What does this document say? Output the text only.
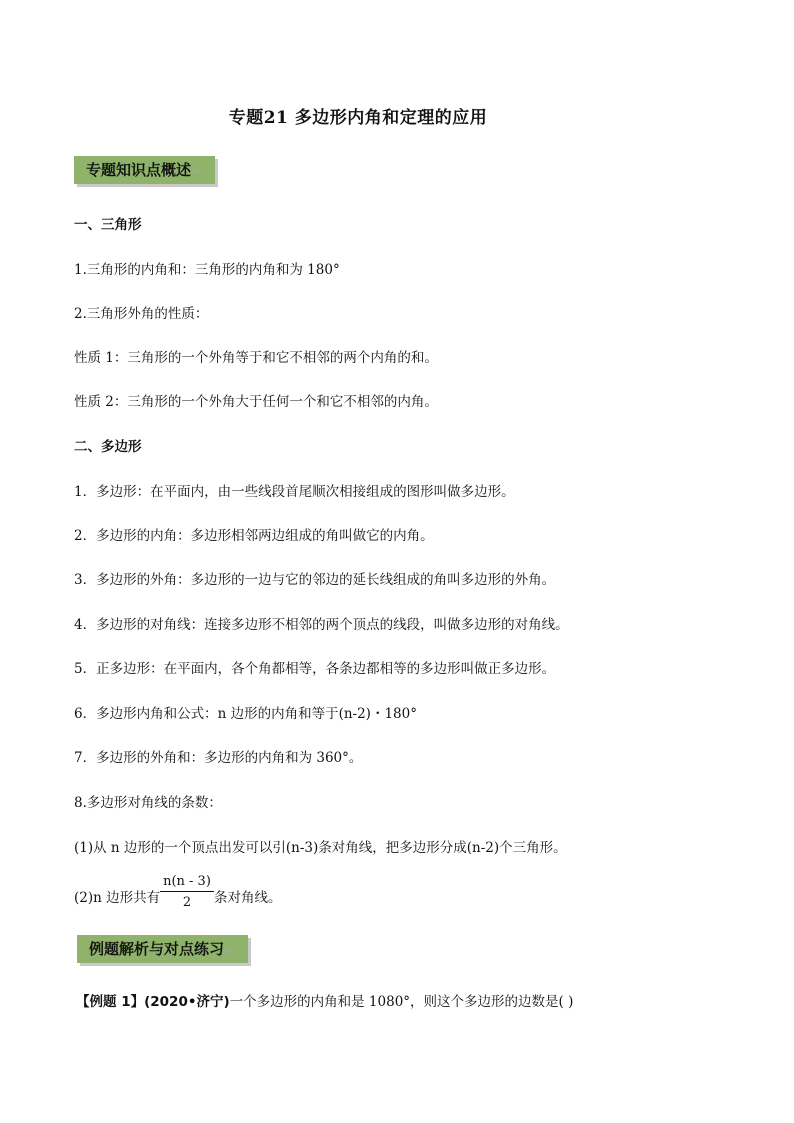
专题21 多边形内角和定理的应用
专题知识点概述↵
一、三角形
1.三角形的内角和：三角形的内角和为 180°
2.三角形外角的性质：
性质 1：三角形的一个外角等于和它不相邻的两个内角的和。
性质 2：三角形的一个外角大于任何一个和它不相邻的内角。
二、多边形
1．多边形：在平面内，由一些线段首尾顺次相接组成的图形叫做多边形。
2．多边形的内角：多边形相邻两边组成的角叫做它的内角。
3．多边形的外角：多边形的一边与它的邻边的延长线组成的角叫多边形的外角。
4．多边形的对角线：连接多边形不相邻的两个顶点的线段，叫做多边形的对角线。
5．正多边形：在平面内，各个角都相等，各条边都相等的多边形叫做正多边形。
6．多边形内角和公式：n 边形的内角和等于(n-2)・180°
7．多边形的外角和：多边形的内角和为 360°。
8.多边形对角线的条数：
(1)从 n 边形的一个顶点出发可以引(n-3)条对角线，把多边形分成(n-2)个三角形。
(2)n 边形共有 $\frac{n(n - 3)}{2}$ 条对角线。
例题解析与对点练习↵
【例题 1】(2020•济宁)一个多边形的内角和是 1080°，则这个多边形的边数是( )
